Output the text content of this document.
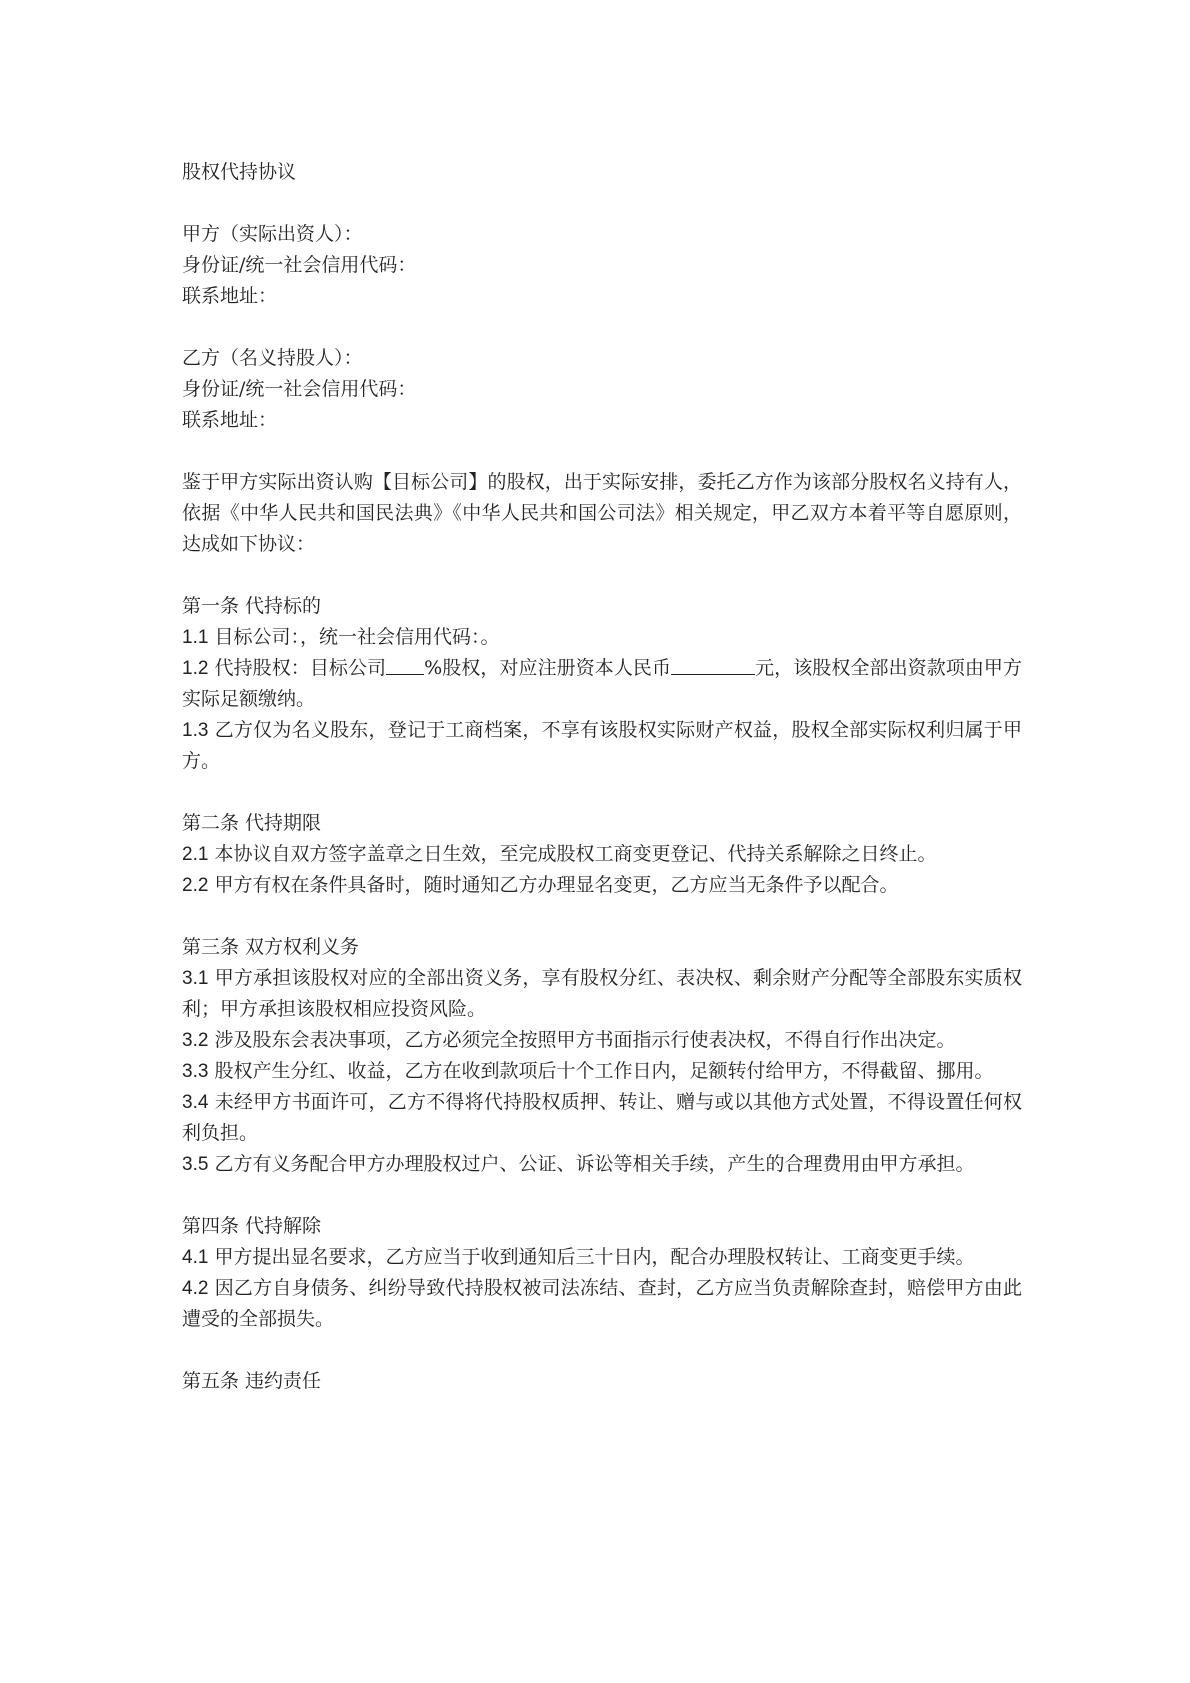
股权代持协议
甲方（实际出资人）：
身份证/统一社会信用代码：
联系地址：
乙方（名义持股人）：
身份证/统一社会信用代码：
联系地址：
鉴于甲方实际出资认购【目标公司】的股权，出于实际安排，委托乙方作为该部分股权名义持有人，依据《中华人民共和国民法典》《中华人民共和国公司法》相关规定，甲乙双方本着平等自愿原则，达成如下协议：
第一条 代持标的
1.1 目标公司：，统一社会信用代码：。
1.2 代持股权：目标公司 %股权，对应注册资本人民币	元，该股权全部出资款项由甲方实际足额缴纳。
1.3 乙方仅为名义股东，登记于工商档案，不享有该股权实际财产权益，股权全部实际权利归属于甲方。
第二条 代持期限
2.1 本协议自双方签字盖章之日生效，至完成股权工商变更登记、代持关系解除之日终止。
2.2 甲方有权在条件具备时，随时通知乙方办理显名变更，乙方应当无条件予以配合。
第三条 双方权利义务
3.1 甲方承担该股权对应的全部出资义务，享有股权分红、表决权、剩余财产分配等全部股东实质权利；甲方承担该股权相应投资风险。
3.2 涉及股东会表决事项，乙方必须完全按照甲方书面指示行使表决权，不得自行作出决定。
3.3 股权产生分红、收益，乙方在收到款项后十个工作日内，足额转付给甲方，不得截留、挪用。
3.4 未经甲方书面许可，乙方不得将代持股权质押、转让、赠与或以其他方式处置，不得设置任何权利负担。
3.5 乙方有义务配合甲方办理股权过户、公证、诉讼等相关手续，产生的合理费用由甲方承担。
第四条 代持解除
4.1 甲方提出显名要求，乙方应当于收到通知后三十日内，配合办理股权转让、工商变更手续。
4.2 因乙方自身债务、纠纷导致代持股权被司法冻结、查封，乙方应当负责解除查封，赔偿甲方由此遭受的全部损失。
第五条 违约责任
